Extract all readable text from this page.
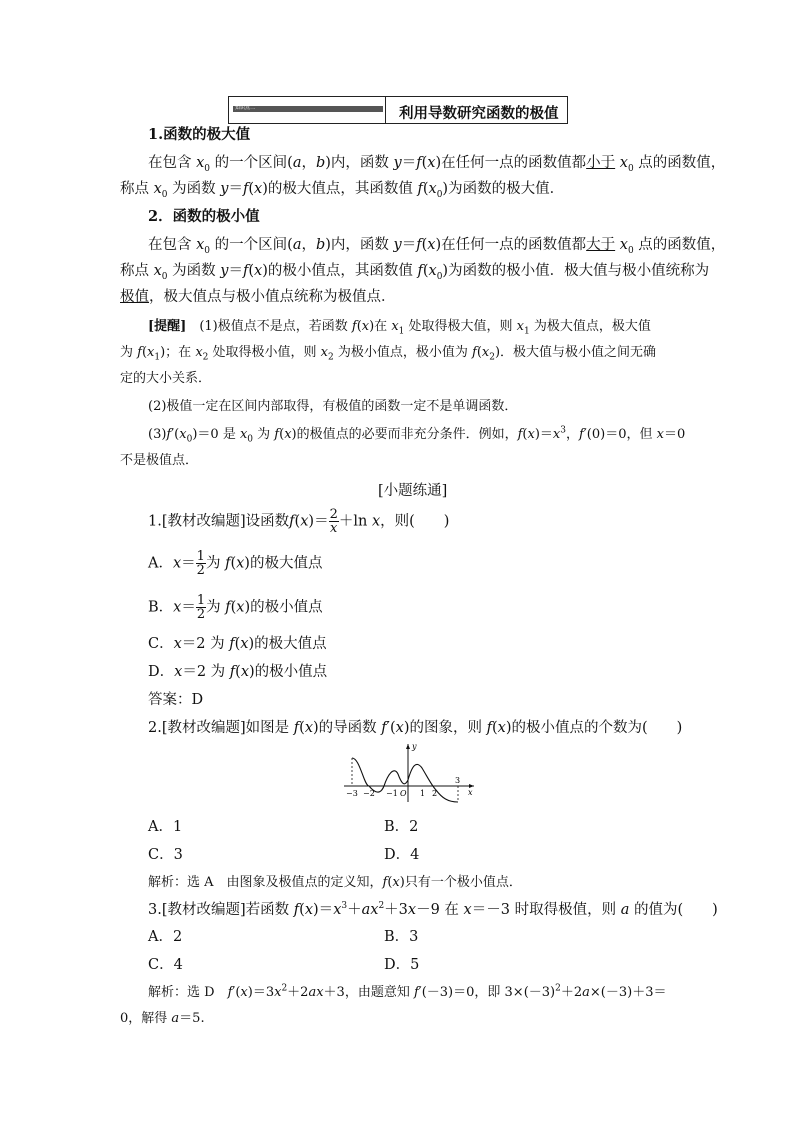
知识点二	利用导数研究函数的极值
1.函数的极大值
在包含 $x_0$ 的一个区间(a，b)内，函数 y＝f(x)在任何一点的函数值都小于 $x_0$ 点的函数值，
称点 $x_0$ 为函数 y＝f(x)的极大值点，其函数值 $f(x_0)$为函数的极大值．
2．函数的极小值
在包含 $x_0$ 的一个区间(a，b)内，函数 y＝f(x)在任何一点的函数值都大于 $x_0$ 点的函数值，
称点 $x_0$ 为函数 y＝f(x)的极小值点，其函数值 $f(x_0)$为函数的极小值．极大值与极小值统称为
极值，极大值点与极小值点统称为极值点．
[提醒]　(1)极值点不是点，若函数 f(x)在 $x_1$ 处取得极大值，则 $x_1$ 为极大值点，极大值
为 $f(x_1)$；在 $x_2$ 处取得极小值，则 $x_2$ 为极小值点，极小值为 $f(x_2)$．极大值与极小值之间无确
定的大小关系．
(2)极值一定在区间内部取得，有极值的函数一定不是单调函数．
$(3)f'(x_0)=0$ 是 $x_0$ 为 f(x)的极值点的必要而非充分条件．例如，$f(x)=x^3$，f′(0)＝0，但 x＝0
不是极值点．
[小题练通]
1.[教材改编题]设函数$f(x)= \frac{2}{x} +\ln$ x，则(　　)
A．$x= \frac{1}{2}$ 为 f(x)的极大值点
B．$x= \frac{1}{2}$ 为 f(x)的极小值点
C．x＝2 为 f(x)的极大值点
D．x＝2 为 f(x)的极小值点
答案：D
2.[教材改编题]如图是 f(x)的导函数 f′(x)的图象，则 f(x)的极小值点的个数为(　　)
y
−3 −2 −1 O 1 2
3
x
A．1	B．2
C．3	D．4
解析：选 A　由图象及极值点的定义知，f(x)只有一个极小值点．
3.[教材改编题]若函数 $f(x)=x^3+ax^2+3x-9$ 在 x＝－3 时取得极值，则 a 的值为(　　)
A．2	B．3
C．4	D．5
解析：选 D　$f'(x)=3x^2+2ax+3$，由题意知 f′(－3)＝0，即 $3\times(-3)^2+2a\times(-3)+3=$
0，解得 a＝5.
